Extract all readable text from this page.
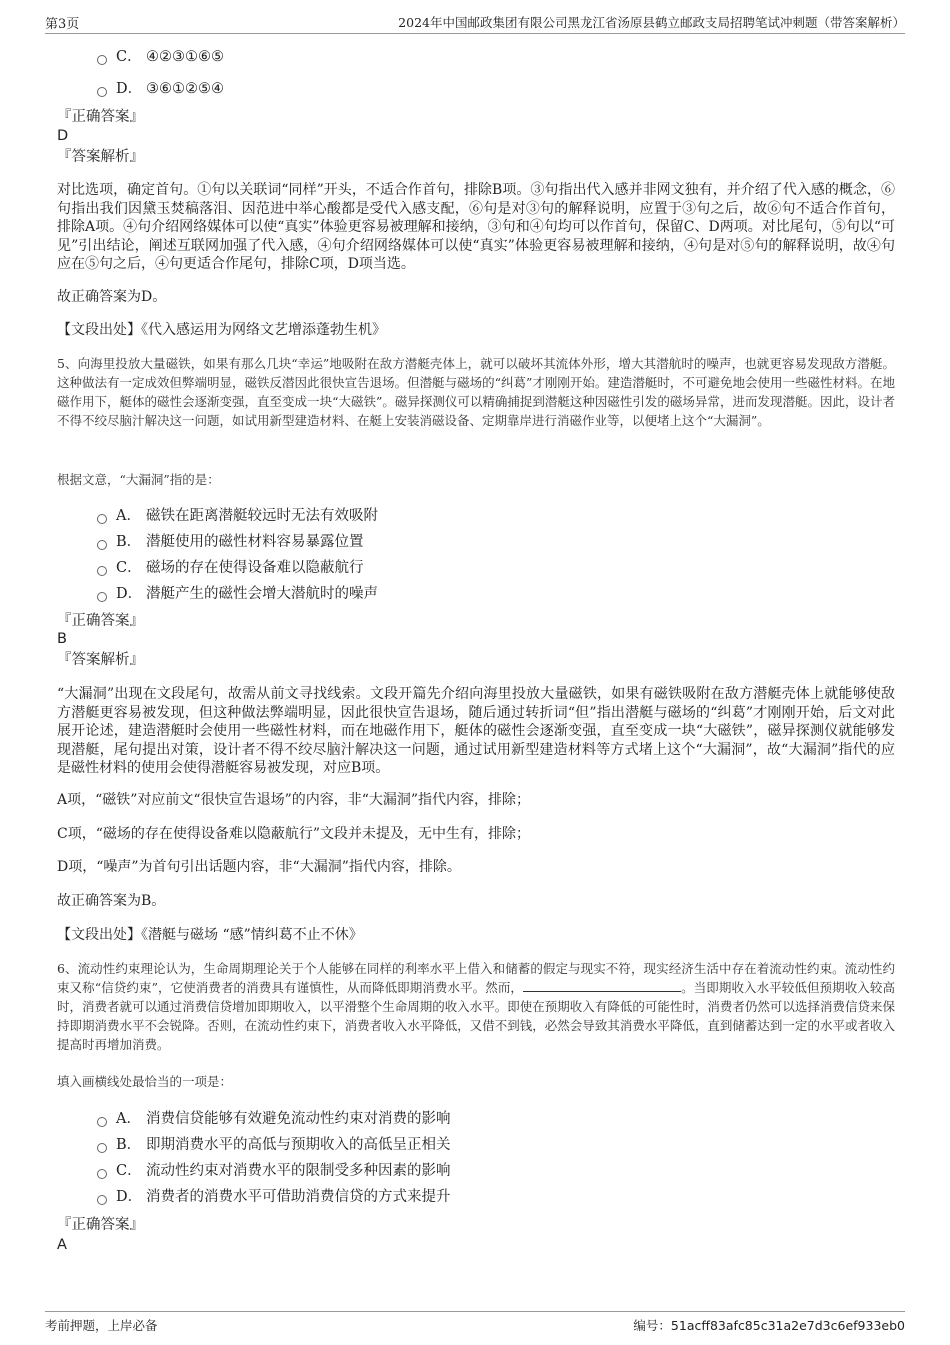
第3页	2024年中国邮政集团有限公司黑龙江省汤原县鹤立邮政支局招聘笔试冲刺题（带答案解析）
C． ④②③①⑥⑤
D． ③⑥①②⑤④
『正确答案』
D
『答案解析』
对比选项，确定首句。①句以关联词“同样”开头，不适合作首句，排除B项。③句指出代入感并非网文独有，并介绍了代入感的概念，⑥句指出我们因黛玉焚稿落泪、因范进中举心酸都是受代入感支配，⑥句是对③句的解释说明，应置于③句之后，故⑥句不适合作首句，排除A项。④句介绍网络媒体可以使“真实”体验更容易被理解和接纳，③句和④句均可以作首句，保留C、D两项。对比尾句，⑤句以“可见”引出结论，阐述互联网加强了代入感，④句介绍网络媒体可以使“真实”体验更容易被理解和接纳，④句是对⑤句的解释说明，故④句应在⑤句之后，④句更适合作尾句，排除C项，D项当选。
故正确答案为D。
【文段出处】《代入感运用为网络文艺增添蓬勃生机》
5、向海里投放大量磁铁，如果有那么几块“幸运”地吸附在敌方潜艇壳体上，就可以破坏其流体外形，增大其潜航时的噪声，也就更容易发现敌方潜艇。这种做法有一定成效但弊端明显，磁铁反潜因此很快宣告退场。但潜艇与磁场的“纠葛”才刚刚开始。建造潜艇时，不可避免地会使用一些磁性材料。在地磁作用下，艇体的磁性会逐渐变强，直至变成一块“大磁铁”。磁异探测仪可以精确捕捉到潜艇这种因磁性引发的磁场异常，进而发现潜艇。因此，设计者不得不绞尽脑汁解决这一问题，如试用新型建造材料、在艇上安装消磁设备、定期靠岸进行消磁作业等，以便堵上这个“大漏洞”。
根据文意，“大漏洞”指的是：
A． 磁铁在距离潜艇较远时无法有效吸附
B． 潜艇使用的磁性材料容易暴露位置
C． 磁场的存在使得设备难以隐蔽航行
D． 潜艇产生的磁性会增大潜航时的噪声
『正确答案』
B
『答案解析』
“大漏洞”出现在文段尾句，故需从前文寻找线索。文段开篇先介绍向海里投放大量磁铁，如果有磁铁吸附在敌方潜艇壳体上就能够使敌方潜艇更容易被发现，但这种做法弊端明显，因此很快宣告退场，随后通过转折词“但”指出潜艇与磁场的“纠葛”才刚刚开始，后文对此展开论述，建造潜艇时会使用一些磁性材料，而在地磁作用下，艇体的磁性会逐渐变强，直至变成一块“大磁铁”，磁异探测仪就能够发现潜艇，尾句提出对策，设计者不得不绞尽脑汁解决这一问题，通过试用新型建造材料等方式堵上这个“大漏洞”，故“大漏洞”指代的应是磁性材料的使用会使得潜艇容易被发现，对应B项。
A项，“磁铁”对应前文“很快宣告退场”的内容，非“大漏洞”指代内容，排除；
C项，“磁场的存在使得设备难以隐蔽航行”文段并未提及，无中生有，排除；
D项，“噪声”为首句引出话题内容，非“大漏洞”指代内容，排除。
故正确答案为B。
【文段出处】《潜艇与磁场 “感”情纠葛不止不休》
6、流动性约束理论认为，生命周期理论关于个人能够在同样的利率水平上借入和储蓄的假定与现实不符，现实经济生活中存在着流动性约束。流动性约束又称“信贷约束”，它使消费者的消费具有谨慎性，从而降低即期消费水平。然而，	。当即期收入水平较低但预期收入较高时，消费者就可以通过消费信贷增加即期收入，以平滑整个生命周期的收入水平。即使在预期收入有降低的可能性时，消费者仍然可以选择消费信贷来保持即期消费水平不会锐降。否则，在流动性约束下，消费者收入水平降低，又借不到钱，必然会导致其消费水平降低，直到储蓄达到一定的水平或者收入提高时再增加消费。
填入画横线处最恰当的一项是：
A． 消费信贷能够有效避免流动性约束对消费的影响
B． 即期消费水平的高低与预期收入的高低呈正相关
C． 流动性约束对消费水平的限制受多种因素的影响
D． 消费者的消费水平可借助消费信贷的方式来提升
『正确答案』
A
考前押题，上岸必备	编号：51acff83afc85c31a2e7d3c6ef933eb0
